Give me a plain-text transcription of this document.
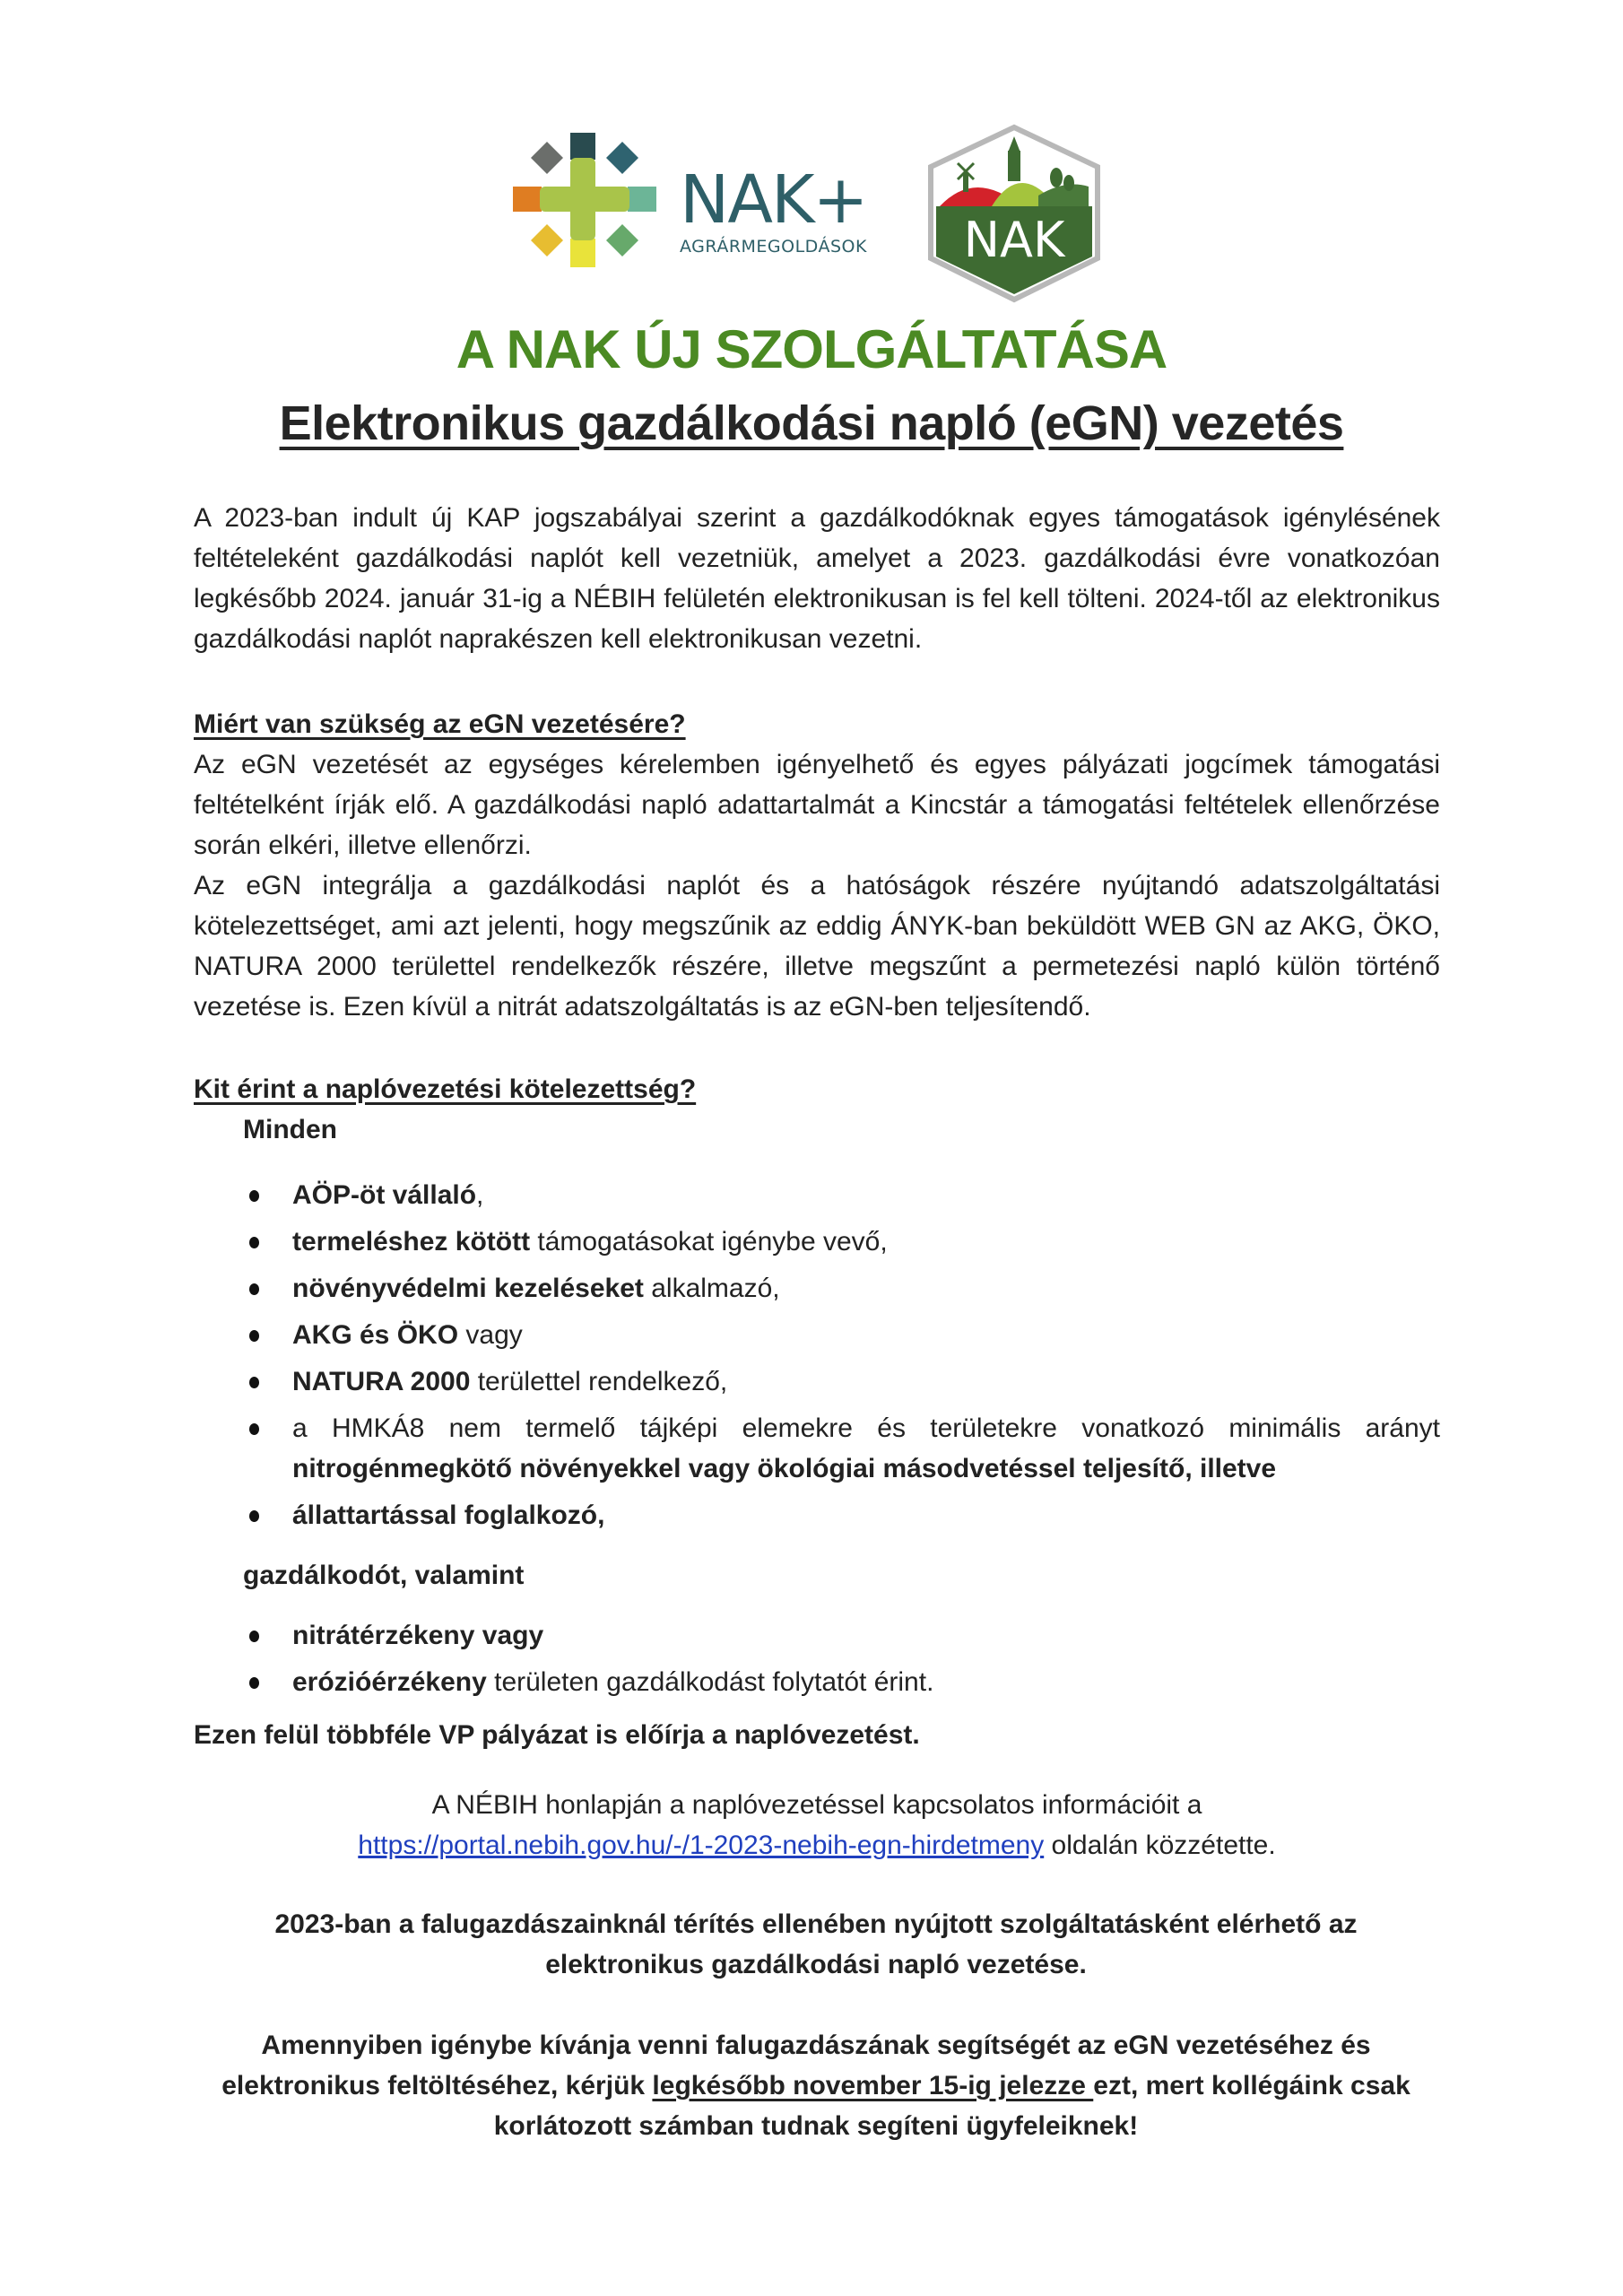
NAK+
AGRÁRMEGOLDÁSOK NAK
A NAK ÚJ SZOLGÁLTATÁSA
Elektronikus gazdálkodási napló (eGN) vezetés

A 2023-ban indult új KAP jogszabályai szerint a gazdálkodóknak egyes támogatások igénylésének feltételeként gazdálkodási naplót kell vezetniük, amelyet a 2023. gazdálkodási évre vonatkozóan legkésőbb 2024. január 31-ig a NÉBIH felületén elektronikusan is fel kell tölteni. 2024-től az elektronikus gazdálkodási naplót naprakészen kell elektronikusan vezetni.

Miért van szükség az eGN vezetésére?

Az eGN vezetését az egységes kérelemben igényelhető és egyes pályázati jogcímek támogatási feltételként írják elő. A gazdálkodási napló adattartalmát a Kincstár a támogatási feltételek ellenőrzése során elkéri, illetve ellenőrzi.

Az eGN integrálja a gazdálkodási naplót és a hatóságok részére nyújtandó adatszolgáltatási kötelezettséget, ami azt jelenti, hogy megszűnik az eddig ÁNYK-ban beküldött WEB GN az AKG, ÖKO, NATURA 2000 területtel rendelkezők részére, illetve megszűnt a permetezési napló külön történő vezetése is. Ezen kívül a nitrát adatszolgáltatás is az eGN-ben teljesítendő.

Kit érint a naplóvezetési kötelezettség?

Minden

AÖP-öt vállaló,
termeléshez kötött támogatásokat igénybe vevő,
növényvédelmi kezeléseket alkalmazó,
AKG és ÖKO vagy
NATURA 2000 területtel rendelkező,
a HMKÁ8 nem termelő tájképi elemekre és területekre vonatkozó minimális arányt nitrogénmegkötő növényekkel vagy ökológiai másodvetéssel teljesítő, illetve
állattartással foglalkozó,

gazdálkodót, valamint

nitrátérzékeny vagy
erózióérzékeny területen gazdálkodást folytatót érint.

Ezen felül többféle VP pályázat is előírja a naplóvezetést.

A NÉBIH honlapján a naplóvezetéssel kapcsolatos információit a

https://portal.nebih.gov.hu/-/1-2023-nebih-egn-hirdetmeny oldalán közzétette.

2023-ban a falugazdászainknál térítés ellenében nyújtott szolgáltatásként elérhető az elektronikus gazdálkodási napló vezetése.

Amennyiben igénybe kívánja venni falugazdászának segítségét az eGN vezetéséhez és elektronikus feltöltéséhez, kérjük legkésőbb november 15-ig jelezze ezt, mert kollégáink csak korlátozott számban tudnak segíteni ügyfeleiknek!
